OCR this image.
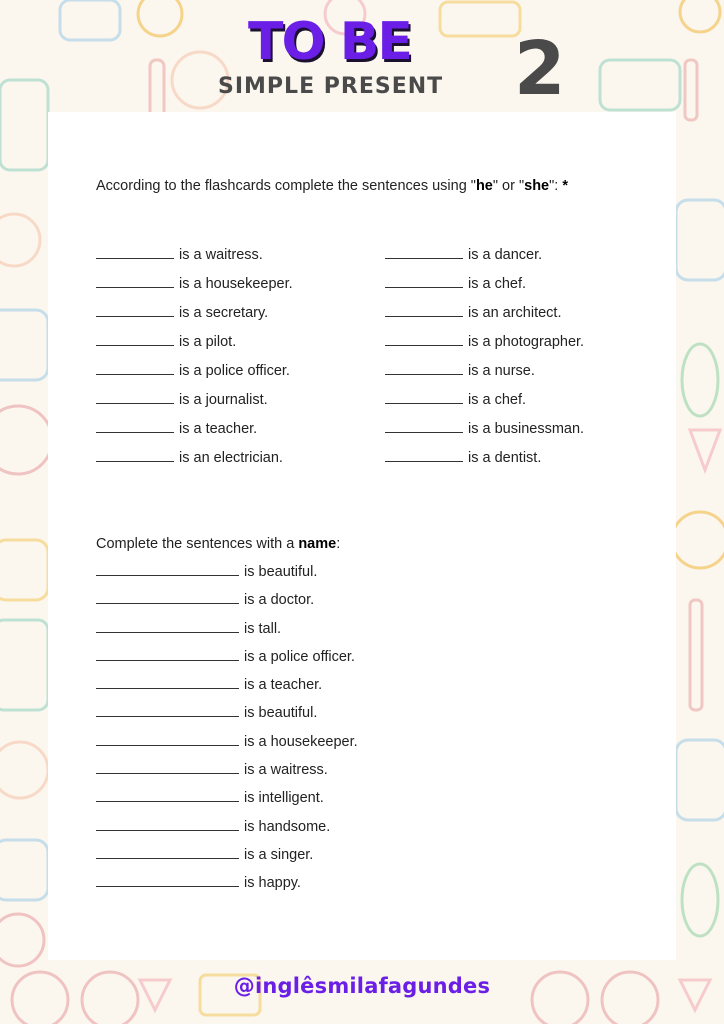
TO BE
SIMPLE PRESENT 2
According to the flashcards complete the sentences using "he" or "she": *
is a waitress.
is a housekeeper.
is a secretary.
is a pilot.
is a police officer.
is a journalist.
is a teacher.
is an electrician.
is a dancer.
is a chef.
is an architect.
is a photographer.
is a nurse.
is a chef.
is a businessman.
is a dentist.
Complete the sentences with a name:
is beautiful.
is a doctor.
is tall.
is a police officer.
is a teacher.
is beautiful.
is a housekeeper.
is a waitress.
is intelligent.
is handsome.
is a singer.
is happy.
@inglêsmilafagundes
